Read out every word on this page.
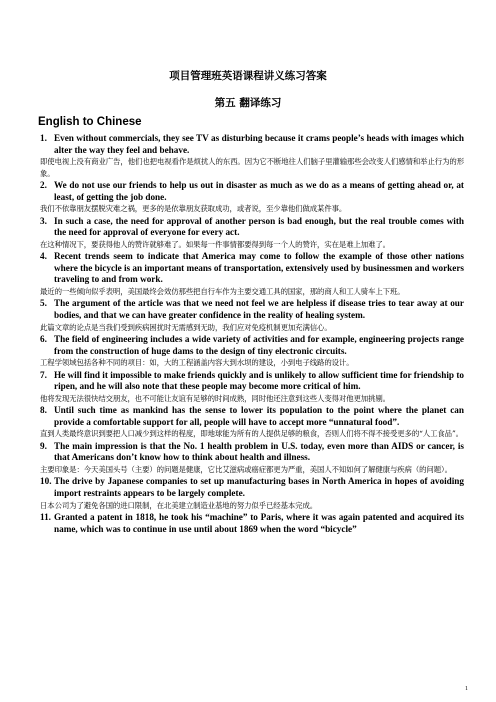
项目管理班英语课程讲义练习答案
第五 翻译练习
English to Chinese
1. Even without commercials, they see TV as disturbing because it crams people’s heads with images which alter the way they feel and behave.
即使电视上没有商业广告，他们也把电视看作是烦扰人的东西。因为它不断地往人们脑子里灌输那些会改变人们感情和举止行为的形象。
2. We do not use our friends to help us out in disaster as much as we do as a means of getting ahead or, at least, of getting the job done.
我们不依靠朋友摆脱灾难之祸，更多的是依靠朋友获取成功，或者说，至少靠他们做成某件事。
3. In such a case, the need for approval of another person is bad enough, but the real trouble comes with the need for approval of everyone for every act.
在这种情况下，要获得他人的赞许就够难了。如果每一件事情都要得到每一个人的赞许，实在是难上加难了。
4. Recent trends seem to indicate that America may come to follow the example of those other nations where the bicycle is an important means of transportation, extensively used by businessmen and workers traveling to and from work.
最近的一些倾向似乎表明，美国最终会效仿那些把自行车作为主要交通工具的国家，那的商人和工人骑车上下班。
5. The argument of the article was that we need not feel we are helpless if disease tries to tear away at our bodies, and that we can have greater confidence in the reality of healing system.
此篇文章的论点是当我们受到疾病困扰时无需感到无助，我们应对免疫机制更加充满信心。
6. The field of engineering includes a wide variety of activities and for example, engineering projects range from the construction of huge dams to the design of tiny electronic circuits.
工程学领域包括各种不同的项目：如，大的工程涵盖内容大到水坝的建设，小到电子线路的设计。
7. He will find it impossible to make friends quickly and is unlikely to allow sufficient time for friendship to ripen, and he will also note that these people may become more critical of him.
他将发现无法很快结交朋友，也不可能让友谊有足够的时间成熟，同时他还注意到这些人变得对他更加挑剔。
8. Until such time as mankind has the sense to lower its population to the point where the planet can provide a comfortable support for all, people will have to accept more “unnatural food”.
直到人类最终意识到要把人口减少到这样的程度，即地球能为所有的人提供足够的粮食，否则人们将不得不接受更多的“人工食品”。
9. The main impression is that the No. 1 health problem in U.S. today, even more than AIDS or cancer, is that Americans don’t know how to think about health and illness.
主要印象是：今天美国头号（主要）的问题是健康，它比艾滋病或癌症都更为严重，美国人不知如何了解健康与疾病（的问题）。
10. The drive by Japanese companies to set up manufacturing bases in North America in hopes of avoiding import restraints appears to be largely complete.
日本公司为了避免各国的进口限制，在北美建立制造业基地的努力似乎已经基本完成。
11. Granted a patent in 1818, he took his “machine” to Paris, where it was again patented and acquired its name, which was to continue in use until about 1869 when the word “bicycle”
1
